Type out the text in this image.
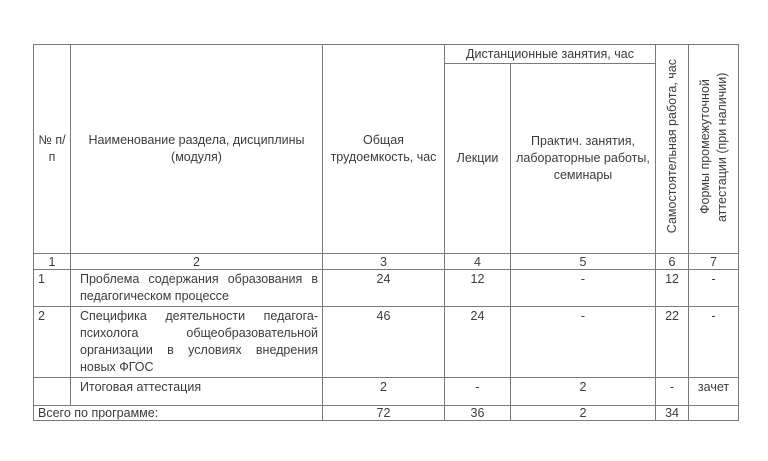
№ п/п	Наименование раздела, дисциплины (модуля)	Общая трудоемкость, час	Дистанционные занятия, час		Самостоятельная работа, час	Формы промежуточной аттестации (при наличии)
			Лекции	Практич. занятия, лабораторные работы, семинары		
1	2	3	4	5	6	7
1	Проблема содержания образования в педагогическом процессе	24	12	-	12	-
2	Специфика деятельности педагога-психолога общеобразовательной организации в условиях внедрения новых ФГОС	46	24	-	22	-
	Итоговая аттестация	2	-	2	-	зачет
Всего по программе:		72	36	2	34	
